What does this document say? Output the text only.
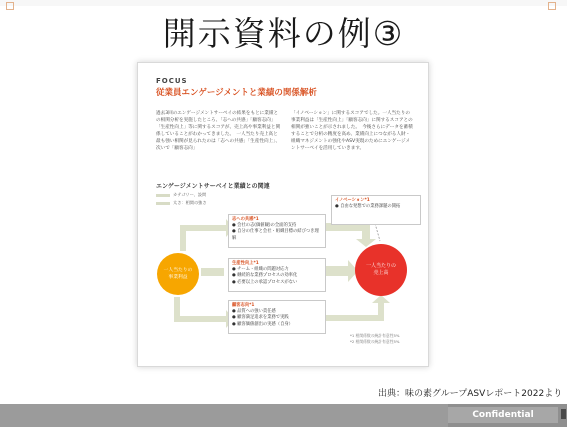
開示資料の例③
FOCUS
従業員エンゲージメントと業績の関係解析
過去3回のエンゲージメントサーベイの結果をもとに業績との相関分析を実施したところ、「志への共感」「顧客志向」「生産性向上」等に関するスコアが、売上高や事業利益と関係していることがわかってきました。　一人当たり売上高と最も強い相関が見られたのは「志への共感」「生産性向上」、次いで「顧客志向」
「イノベーション」に関するスコアでした。一人当たりの事業利益は「生産性向上」「顧客志向」に関するスコアとの相関が強いことが示されました。　今後さらにデータを蓄積することで分析の精度を高め、業績向上につながる人財・組織マネジメントの強化やASV実現のためにエンゲージメントサーベイを活用していきます。
エンゲージメントサーベイと業績との関連
カテゴリー、設問
太さ：相関の強さ
一人当たりの
事業利益
一人当たりの
売上高
志への共感*1
● 会社の志(価値観)の全面的支持
● 自分の仕事と会社・組織目標の結びつき理解
生産性向上*1
● チーム・組織の問題対応力
● 継続的な業務プロセスの効率化
● 必要以上の承認プロセスがない
顧客志向*1
● 品質への強い責任感
● 顧客満足追求を業務で実践
● 顧客価値創出の実感（自身）
イノベーション*1
● 自由な発想での業務課題の開拓
*1 相関係数の統計有意性5%
*2 相関係数の統計有意性5%
出典：味の素グループASVレポート2022より
Confidential
